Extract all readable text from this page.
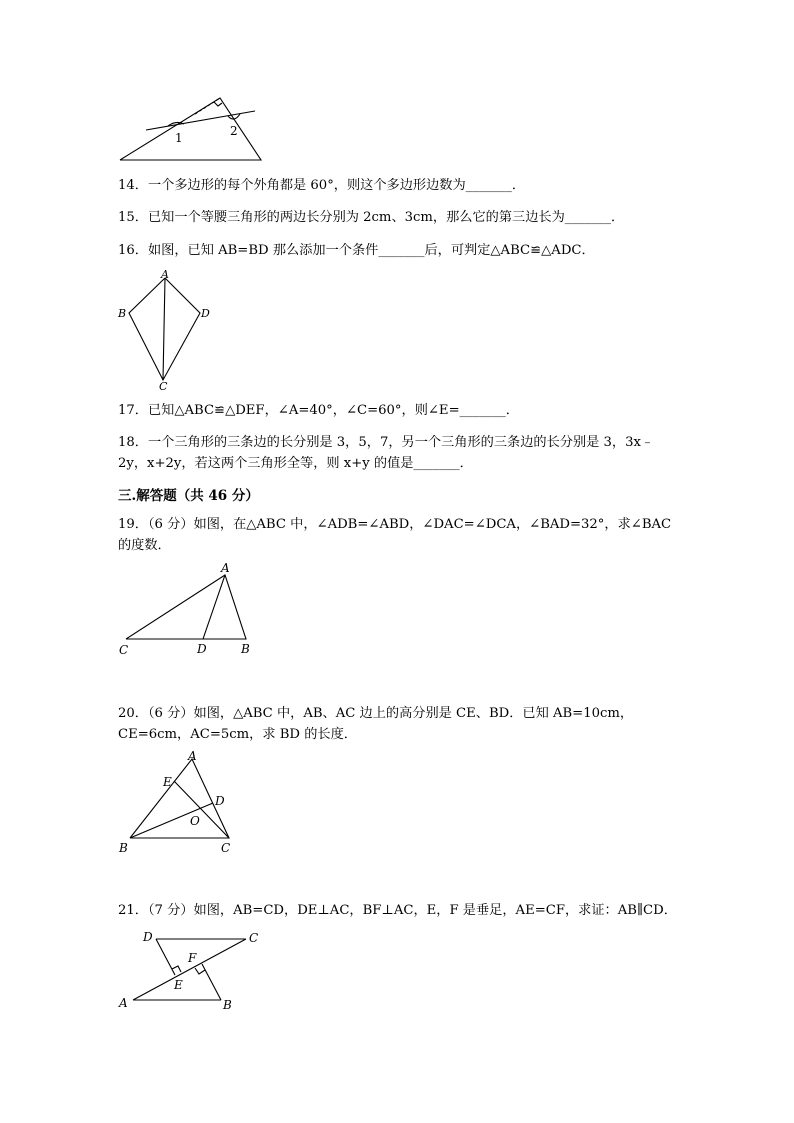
1	2
14．一个多边形的每个外角都是 60°，则这个多边形边数为_______．
15．已知一个等腰三角形的两边长分别为 2cm、3cm，那么它的第三边长为_______．
16．如图，已知 AB=BD 那么添加一个条件_______后，可判定△ABC≌△ADC．
A
B
C
D
17．已知△ABC≌△DEF，∠A=40°，∠C=60°，则∠E=_______．
18．一个三角形的三条边的长分别是 3，5，7，另一个三角形的三条边的长分别是 3，3x﹣2y，x+2y，若这两个三角形全等，则 x+y 的值是_______．
三.解答题（共 46 分）
19．（6 分）如图，在△ABC 中，∠ADB=∠ABD，∠DAC=∠DCA，∠BAD=32°，求∠BAC 的度数．
A
C	D	B
20．（6 分）如图，△ABC 中，AB、AC 边上的高分别是 CE、BD．已知 AB=10cm，CE=6cm，AC=5cm，求 BD 的长度．
A
E
D
O
B	C
21．（7 分）如图，AB=CD，DE⊥AC，BF⊥AC，E，F 是垂足，AE=CF，求证：AB∥CD．
D	C
F
E
A	B
